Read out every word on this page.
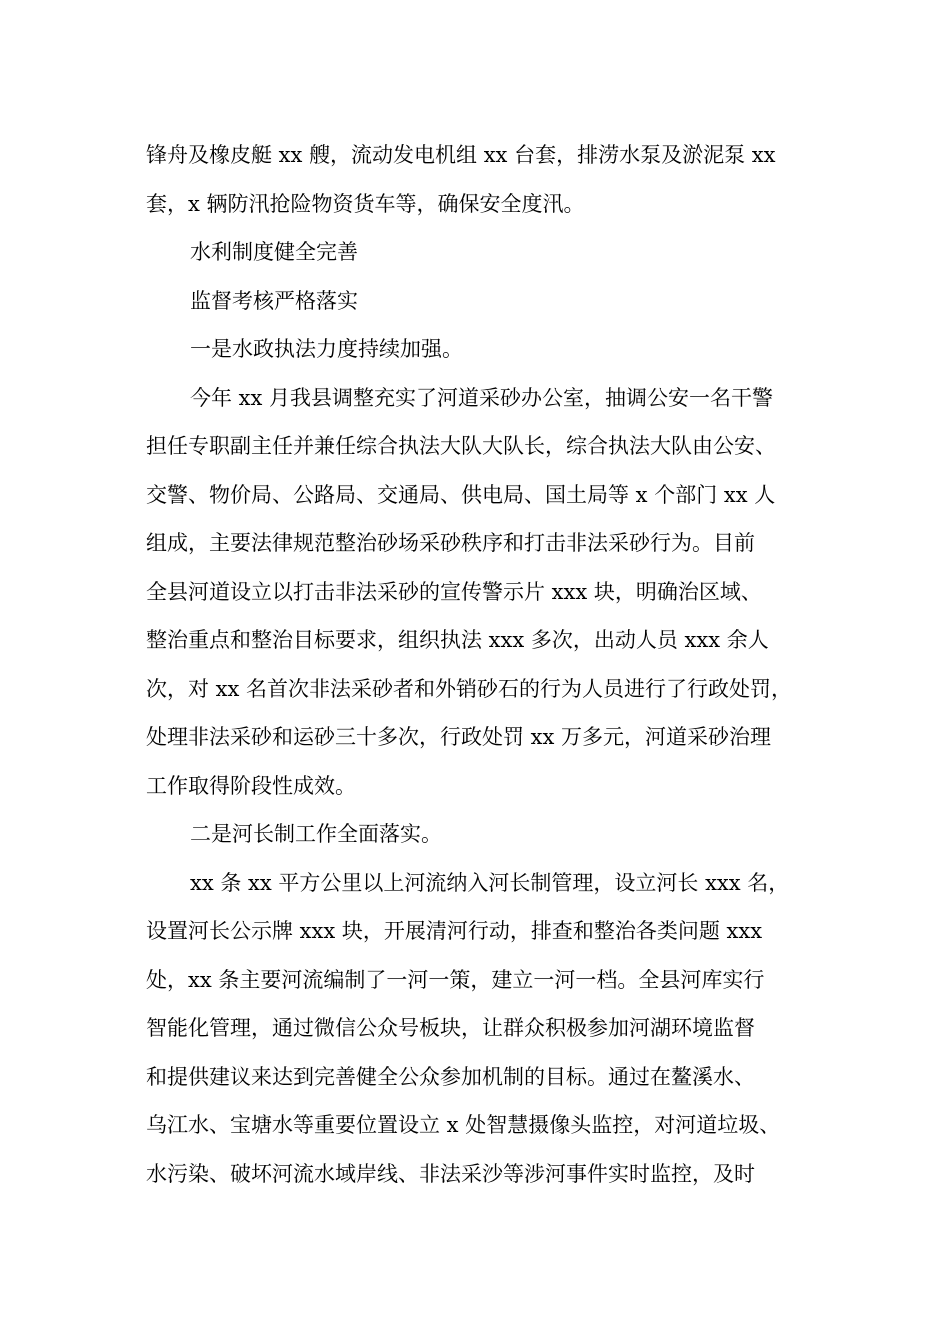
锋舟及橡皮艇 xx 艘，流动发电机组 xx 台套，排涝水泵及淤泥泵 xx
套，x 辆防汛抢险物资货车等，确保安全度汛。
水利制度健全完善
监督考核严格落实
一是水政执法力度持续加强。
今年 xx 月我县调整充实了河道采砂办公室，抽调公安一名干警
担任专职副主任并兼任综合执法大队大队长，综合执法大队由公安、
交警、物价局、公路局、交通局、供电局、国土局等 x 个部门 xx 人
组成，主要法律规范整治砂场采砂秩序和打击非法采砂行为。目前
全县河道设立以打击非法采砂的宣传警示片 xxx 块，明确治区域、
整治重点和整治目标要求，组织执法 xxx 多次，出动人员 xxx 余人
次，对 xx 名首次非法采砂者和外销砂石的行为人员进行了行政处罚，
处理非法采砂和运砂三十多次，行政处罚 xx 万多元，河道采砂治理
工作取得阶段性成效。
二是河长制工作全面落实。
xx 条 xx 平方公里以上河流纳入河长制管理，设立河长 xxx 名，
设置河长公示牌 xxx 块，开展清河行动，排查和整治各类问题 xxx
处，xx 条主要河流编制了一河一策，建立一河一档。全县河库实行
智能化管理，通过微信公众号板块，让群众积极参加河湖环境监督
和提供建议来达到完善健全公众参加机制的目标。通过在鳌溪水、
乌江水、宝塘水等重要位置设立 x 处智慧摄像头监控，对河道垃圾、
水污染、破坏河流水域岸线、非法采沙等涉河事件实时监控，及时
